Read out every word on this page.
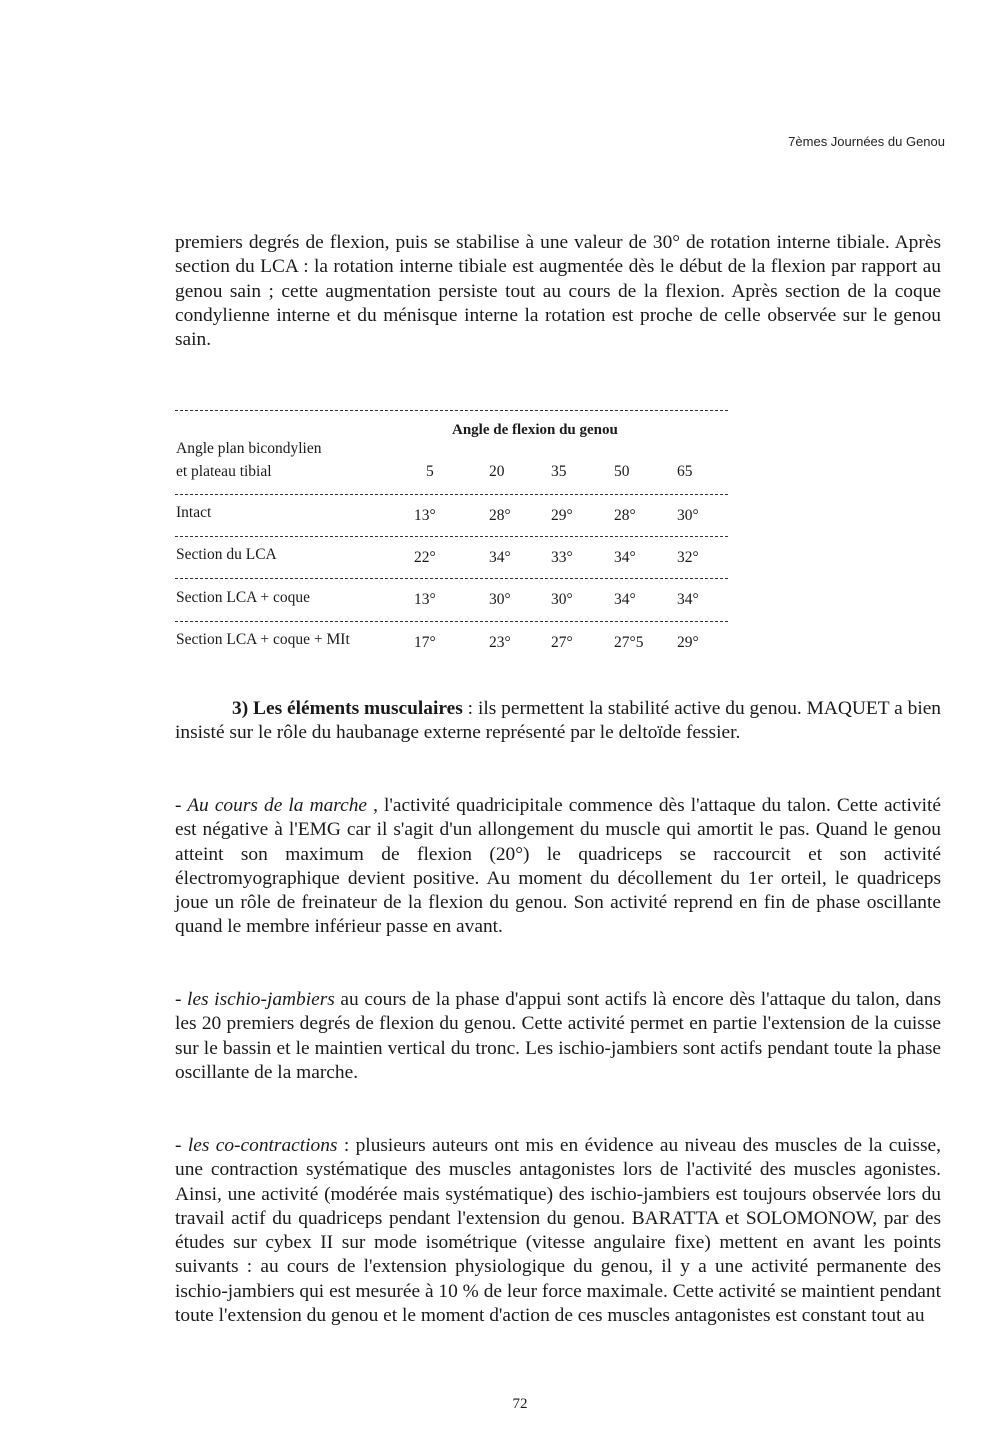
7èmes Journées du Genou
premiers degrés de flexion, puis se stabilise à une valeur de 30° de rotation interne tibiale. Après section du LCA : la rotation interne tibiale est augmentée dès le début de la flexion par rapport au genou sain ; cette augmentation persiste tout au cours de la flexion. Après section de la coque condylienne interne et du ménisque interne la rotation est proche de celle observée sur le genou sain.
Angle de flexion du genou
Angle plan bicondylien
et plateau tibial	5	20	35	50	65
Intact	13°	28°	29°	28°	30°
Section du LCA	22°	34°	33°	34°	32°
Section LCA + coque	13°	30°	30°	34°	34°
Section LCA + coque + MIt	17°	23°	27°	27°5 29°
3) Les éléments musculaires : ils permettent la stabilité active du genou. MAQUET a bien insisté sur le rôle du haubanage externe représenté par le deltoïde fessier.
- Au cours de la marche , l'activité quadricipitale commence dès l'attaque du talon. Cette activité est négative à l'EMG car il s'agit d'un allongement du muscle qui amortit le pas. Quand le genou atteint son maximum de flexion (20°) le quadriceps se raccourcit et son activité électromyographique devient positive. Au moment du décollement du 1er orteil, le quadriceps joue un rôle de freinateur de la flexion du genou. Son activité reprend en fin de phase oscillante quand le membre inférieur passe en avant.
- les ischio-jambiers au cours de la phase d'appui sont actifs là encore dès l'attaque du talon, dans les 20 premiers degrés de flexion du genou. Cette activité permet en partie l'extension de la cuisse sur le bassin et le maintien vertical du tronc. Les ischio-jambiers sont actifs pendant toute la phase oscillante de la marche.
- les co-contractions : plusieurs auteurs ont mis en évidence au niveau des muscles de la cuisse, une contraction systématique des muscles antagonistes lors de l'activité des muscles agonistes. Ainsi, une activité (modérée mais systématique) des ischio-jambiers est toujours observée lors du travail actif du quadriceps pendant l'extension du genou. BARATTA et SOLOMONOW, par des études sur cybex II sur mode isométrique (vitesse angulaire fixe) mettent en avant les points suivants : au cours de l'extension physiologique du genou, il y a une activité permanente des ischio-jambiers qui est mesurée à 10 % de leur force maximale. Cette activité se maintient pendant toute l'extension du genou et le moment d'action de ces muscles antagonistes est constant tout au
72
